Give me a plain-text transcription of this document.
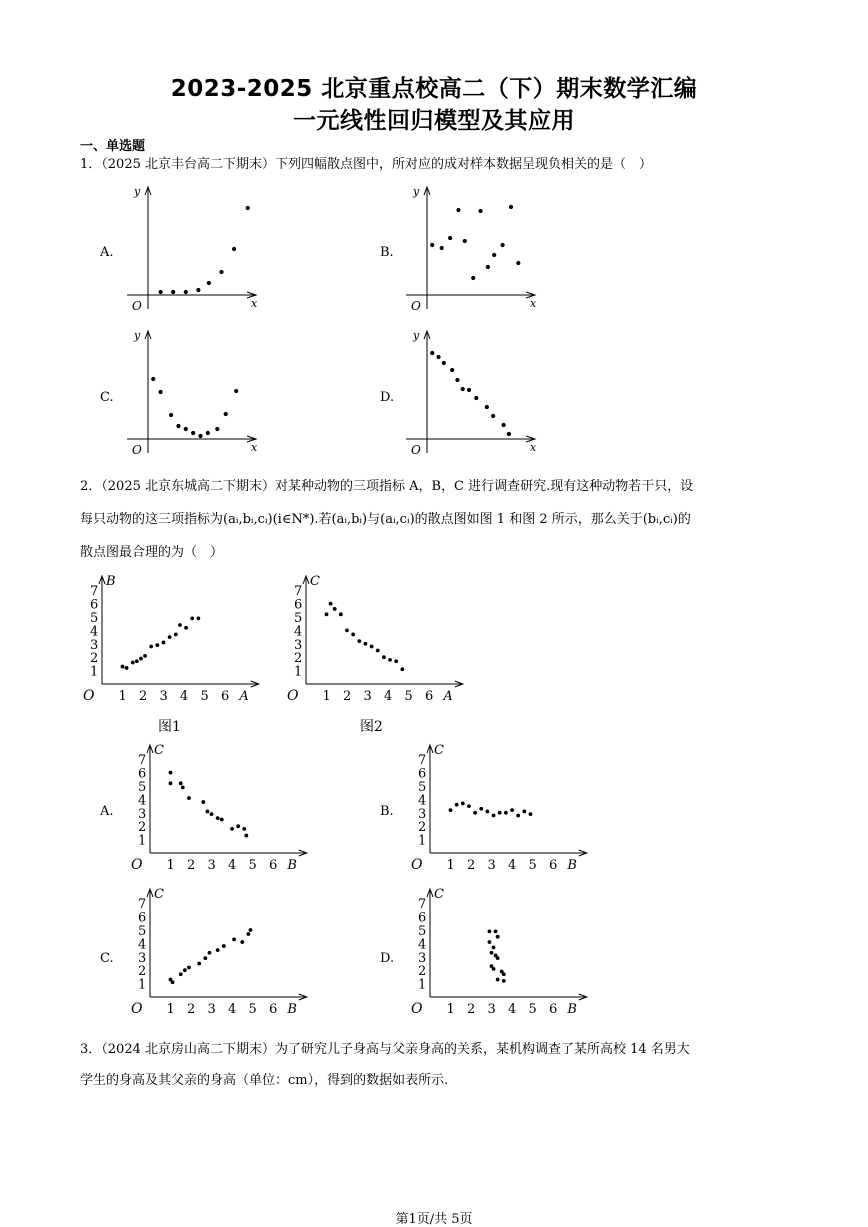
2023-2025 北京重点校高二（下）期末数学汇编
一元线性回归模型及其应用
一、单选题
1．（2025 北京丰台高二下期末）下列四幅散点图中，所对应的成对样本数据呈现负相关的是（　）
A.
y
x
O
B.
y
x
O
C.
y
x
O
D.
y
x
O
2．（2025 北京东城高二下期末）对某种动物的三项指标 A，B，C 进行调查研究.现有这种动物若干只，设
每只动物的这三项指标为(aᵢ,bᵢ,cᵢ)(i∈N*).若(aᵢ,bᵢ)与(aᵢ,cᵢ)的散点图如图 1 和图 2 所示，那么关于(bᵢ,cᵢ)的
散点图最合理的为（　）
B
A
O
1
1
2
2
3
3
4
4
5
5
6
6
7
图1
C
A
O
1
1
2
2
3
3
4
4
5
5
6
6
7
图2
A.
C
B
O
1
1
2
2
3
3
4
4
5
5
6
6
7
B.
C
B
O
1
1
2
2
3
3
4
4
5
5
6
6
7
C.
C
B
O
1
1
2
2
3
3
4
4
5
5
6
6
7
D.
C
B
O
1
1
2
2
3
3
4
4
5
5
6
6
7
3．（2024 北京房山高二下期末）为了研究儿子身高与父亲身高的关系，某机构调查了某所高校 14 名男大
学生的身高及其父亲的身高（单位：cm），得到的数据如表所示.
第1页/共 5页
